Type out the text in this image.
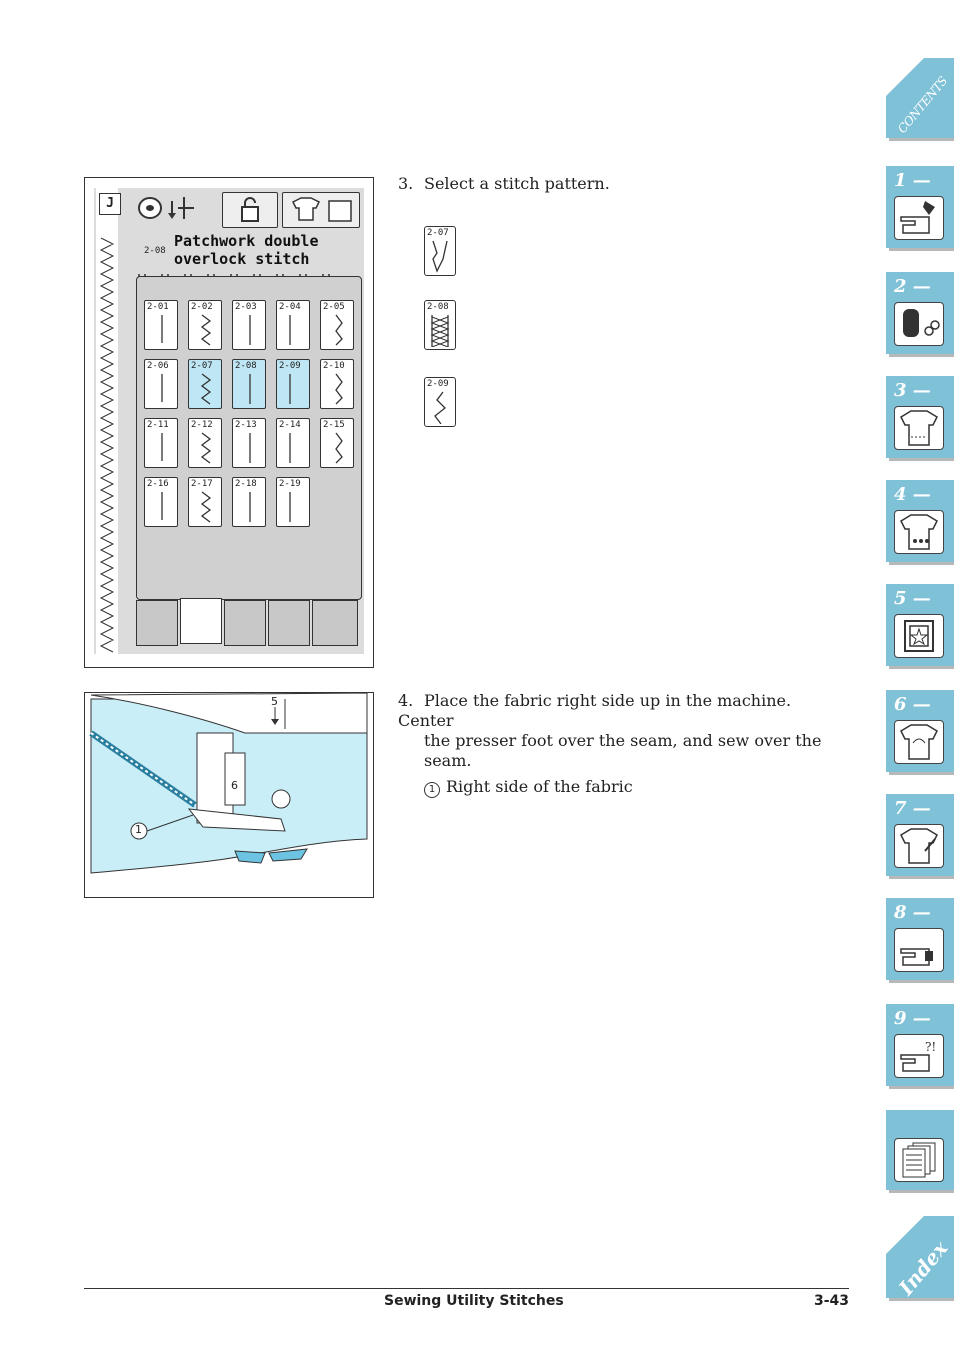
J
2-08
Patchwork double
overlock stitch
2-01 2-02 2-03 2-04 2-05
2-06 2-07 2-08 2-09 2-10
2-11 2-12 2-13 2-14 2-15
2-16 2-17 2-18 2-19
3. Select a stitch pattern.
2-07
2-08
2-09
1
5
6
4. Place the fabric right side up in the machine. Center
the presser foot over the seam, and sew over the seam.
1 Right side of the fabric
CONTENTS
1 —
2 —
3 —
4 —
5 —
6 —
7 —
8 —
9 —
?!
Index
Sewing Utility Stitches	3-43
